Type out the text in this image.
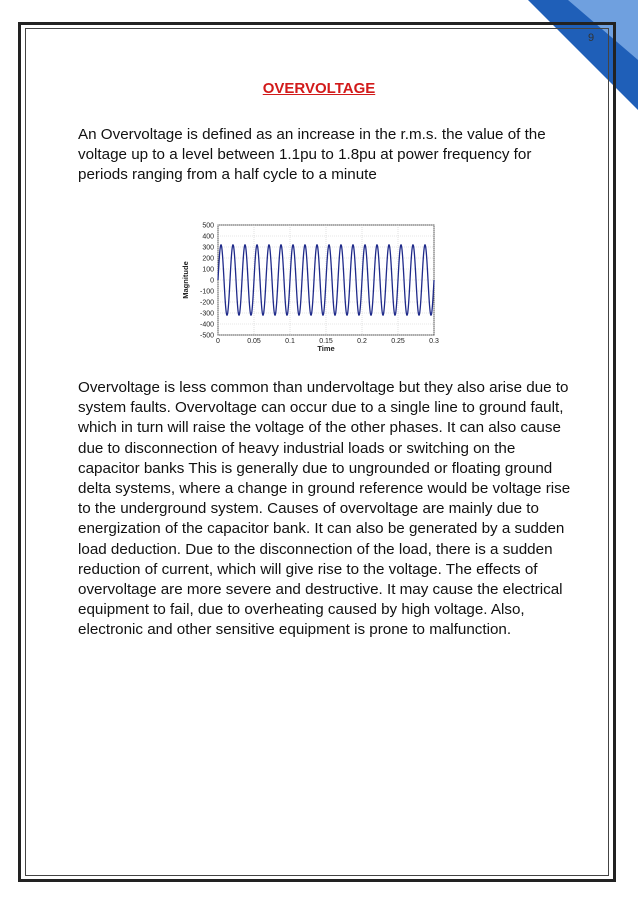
9
OVERVOLTAGE

An Overvoltage is defined as an increase in the r.m.s. the value of the voltage up to a level between 1.1pu to 1.8pu at power frequency for periods ranging from a half cycle to a minute

500
400
300
200
100
0
-100
-200
-300
-400
-500
0	0.05	0.1	0.15	0.2	0.25	0.3
Time
Magnitude

Overvoltage is less common than undervoltage but they also arise due to system faults. Overvoltage can occur due to a single line to ground fault, which in turn will raise the voltage of the other phases. It can also cause due to disconnection of heavy industrial loads or switching on the capacitor banks This is generally due to ungrounded or floating ground delta systems, where a change in ground reference would be voltage rise to the underground system. Causes of overvoltage are mainly due to energization of the capacitor bank. It can also be generated by a sudden load deduction. Due to the disconnection of the load, there is a sudden reduction of current, which will give rise to the voltage. The effects of overvoltage are more severe and destructive. It may cause the electrical equipment to fail, due to overheating caused by high voltage. Also, electronic and other sensitive equipment is prone to malfunction.
